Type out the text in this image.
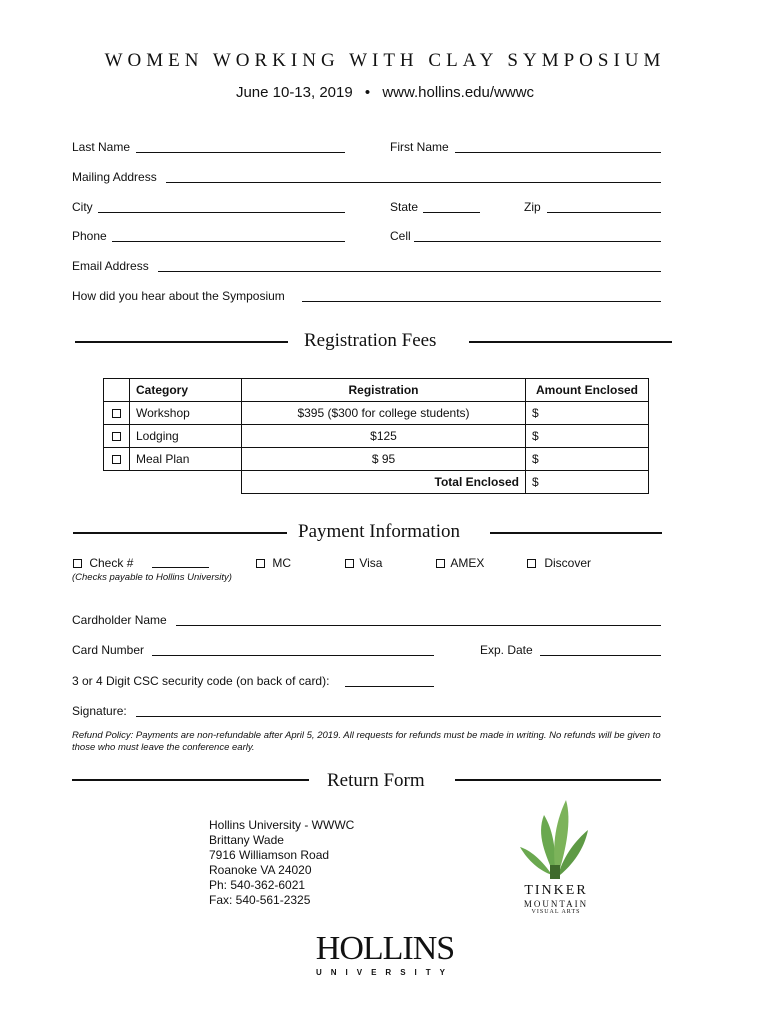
WOMEN WORKING WITH CLAY SYMPOSIUM
June 10-13, 2019 • www.hollins.edu/wwwc
Last Name	First Name
Mailing Address
City	State	Zip
Phone	Cell
Email Address
How did you hear about the Symposium
Registration Fees
	Category	Registration	Amount Enclosed
	Workshop	$395 ($300 for college students)	$
	Lodging	$125	$
	Meal Plan	$ 95	$
		Total Enclosed	$
Payment Information
Check #
(Checks payable to Hollins University)
MC	Visa	AMEX	Discover
Cardholder Name
Card Number	Exp. Date
3 or 4 Digit CSC security code (on back of card):
Signature:
Refund Policy: Payments are non-refundable after April 5, 2019. All requests for refunds must be made in writing. No refunds will be given to
those who must leave the conference early.
Return Form
Hollins University - WWWC
Brittany Wade
7916 Williamson Road
Roanoke VA 24020
Ph: 540-362-6021
Fax: 540-561-2325
TINKER
MOUNTAIN
VISUAL ARTS
HOLLINS
UNIVERSITY
